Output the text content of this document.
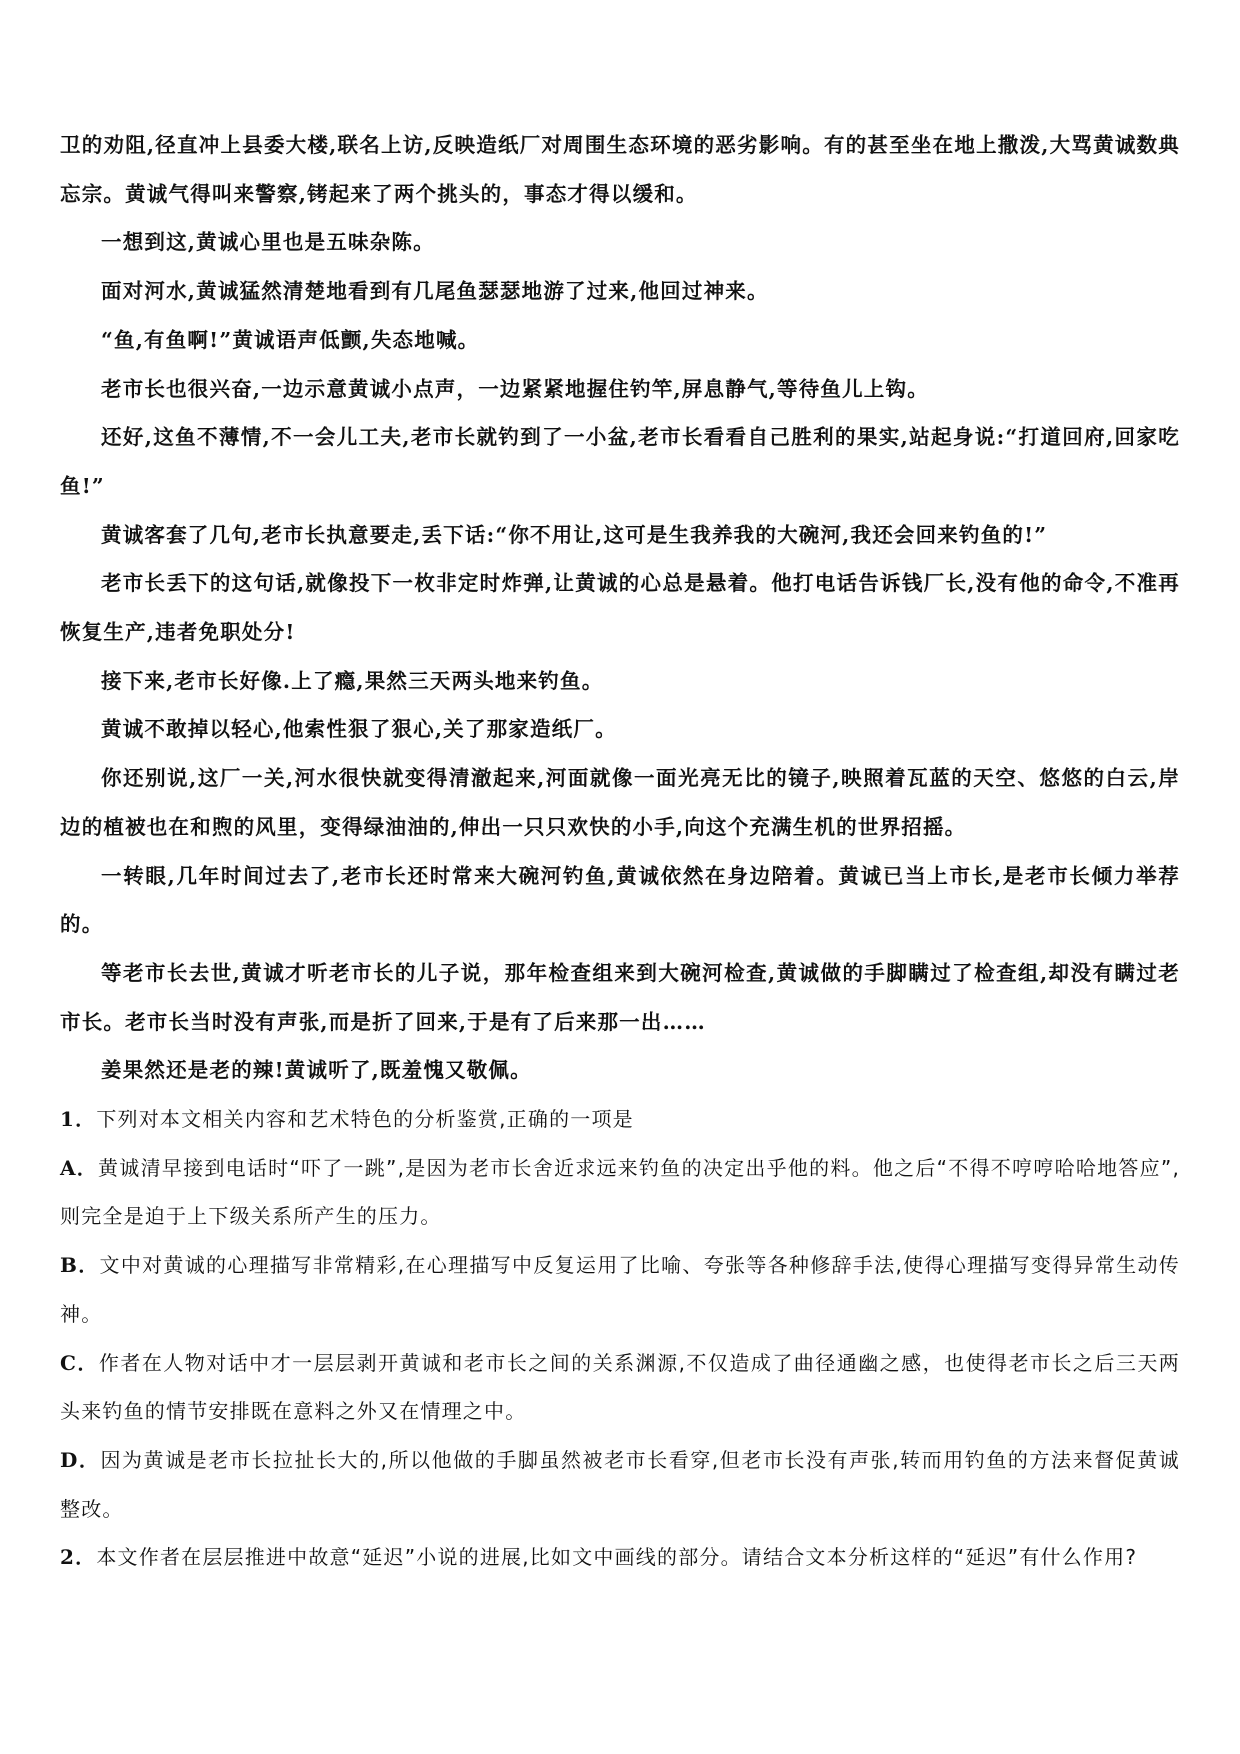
卫的劝阻,径直冲上县委大楼,联名上访,反映造纸厂对周围生态环境的恶劣影响。有的甚至坐在地上撒泼,大骂黄诚数典忘宗。黄诚气得叫来警察,铐起来了两个挑头的，事态才得以缓和。

一想到这,黄诚心里也是五味杂陈。

面对河水,黄诚猛然清楚地看到有几尾鱼瑟瑟地游了过来,他回过神来。

“鱼,有鱼啊!”黄诚语声低颤,失态地喊。

老市长也很兴奋,一边示意黄诚小点声，一边紧紧地握住钓竿,屏息静气,等待鱼儿上钩。

还好,这鱼不薄情,不一会儿工夫,老市长就钓到了一小盆,老市长看看自己胜利的果实,站起身说:“打道回府,回家吃鱼!”

黄诚客套了几句,老市长执意要走,丢下话:“你不用让,这可是生我养我的大碗河,我还会回来钓鱼的!”

老市长丢下的这句话,就像投下一枚非定时炸弹,让黄诚的心总是悬着。他打电话告诉钱厂长,没有他的命令,不准再恢复生产,违者免职处分!

接下来,老市长好像.上了瘾,果然三天两头地来钓鱼。

黄诚不敢掉以轻心,他索性狠了狠心,关了那家造纸厂。

你还别说,这厂一关,河水很快就变得清澈起来,河面就像一面光亮无比的镜子,映照着瓦蓝的天空、悠悠的白云,岸边的植被也在和煦的风里，变得绿油油的,伸出一只只欢快的小手,向这个充满生机的世界招摇。

一转眼,几年时间过去了,老市长还时常来大碗河钓鱼,黄诚依然在身边陪着。黄诚已当上市长,是老市长倾力举荐的。

等老市长去世,黄诚才听老市长的儿子说，那年检查组来到大碗河检查,黄诚做的手脚瞒过了检查组,却没有瞒过老市长。老市长当时没有声张,而是折了回来,于是有了后来那一出……

姜果然还是老的辣!黄诚听了,既羞愧又敬佩。

1．下列对本文相关内容和艺术特色的分析鉴赏,正确的一项是

A．黄诚清早接到电话时“吓了一跳”,是因为老市长舍近求远来钓鱼的决定出乎他的料。他之后“不得不哼哼哈哈地答应”,则完全是迫于上下级关系所产生的压力。

B．文中对黄诚的心理描写非常精彩,在心理描写中反复运用了比喻、夸张等各种修辞手法,使得心理描写变得异常生动传神。

C．作者在人物对话中才一层层剥开黄诚和老市长之间的关系渊源,不仅造成了曲径通幽之感，也使得老市长之后三天两头来钓鱼的情节安排既在意料之外又在情理之中。

D．因为黄诚是老市长拉扯长大的,所以他做的手脚虽然被老市长看穿,但老市长没有声张,转而用钓鱼的方法来督促黄诚整改。

2．本文作者在层层推进中故意“延迟”小说的进展,比如文中画线的部分。请结合文本分析这样的“延迟”有什么作用?
